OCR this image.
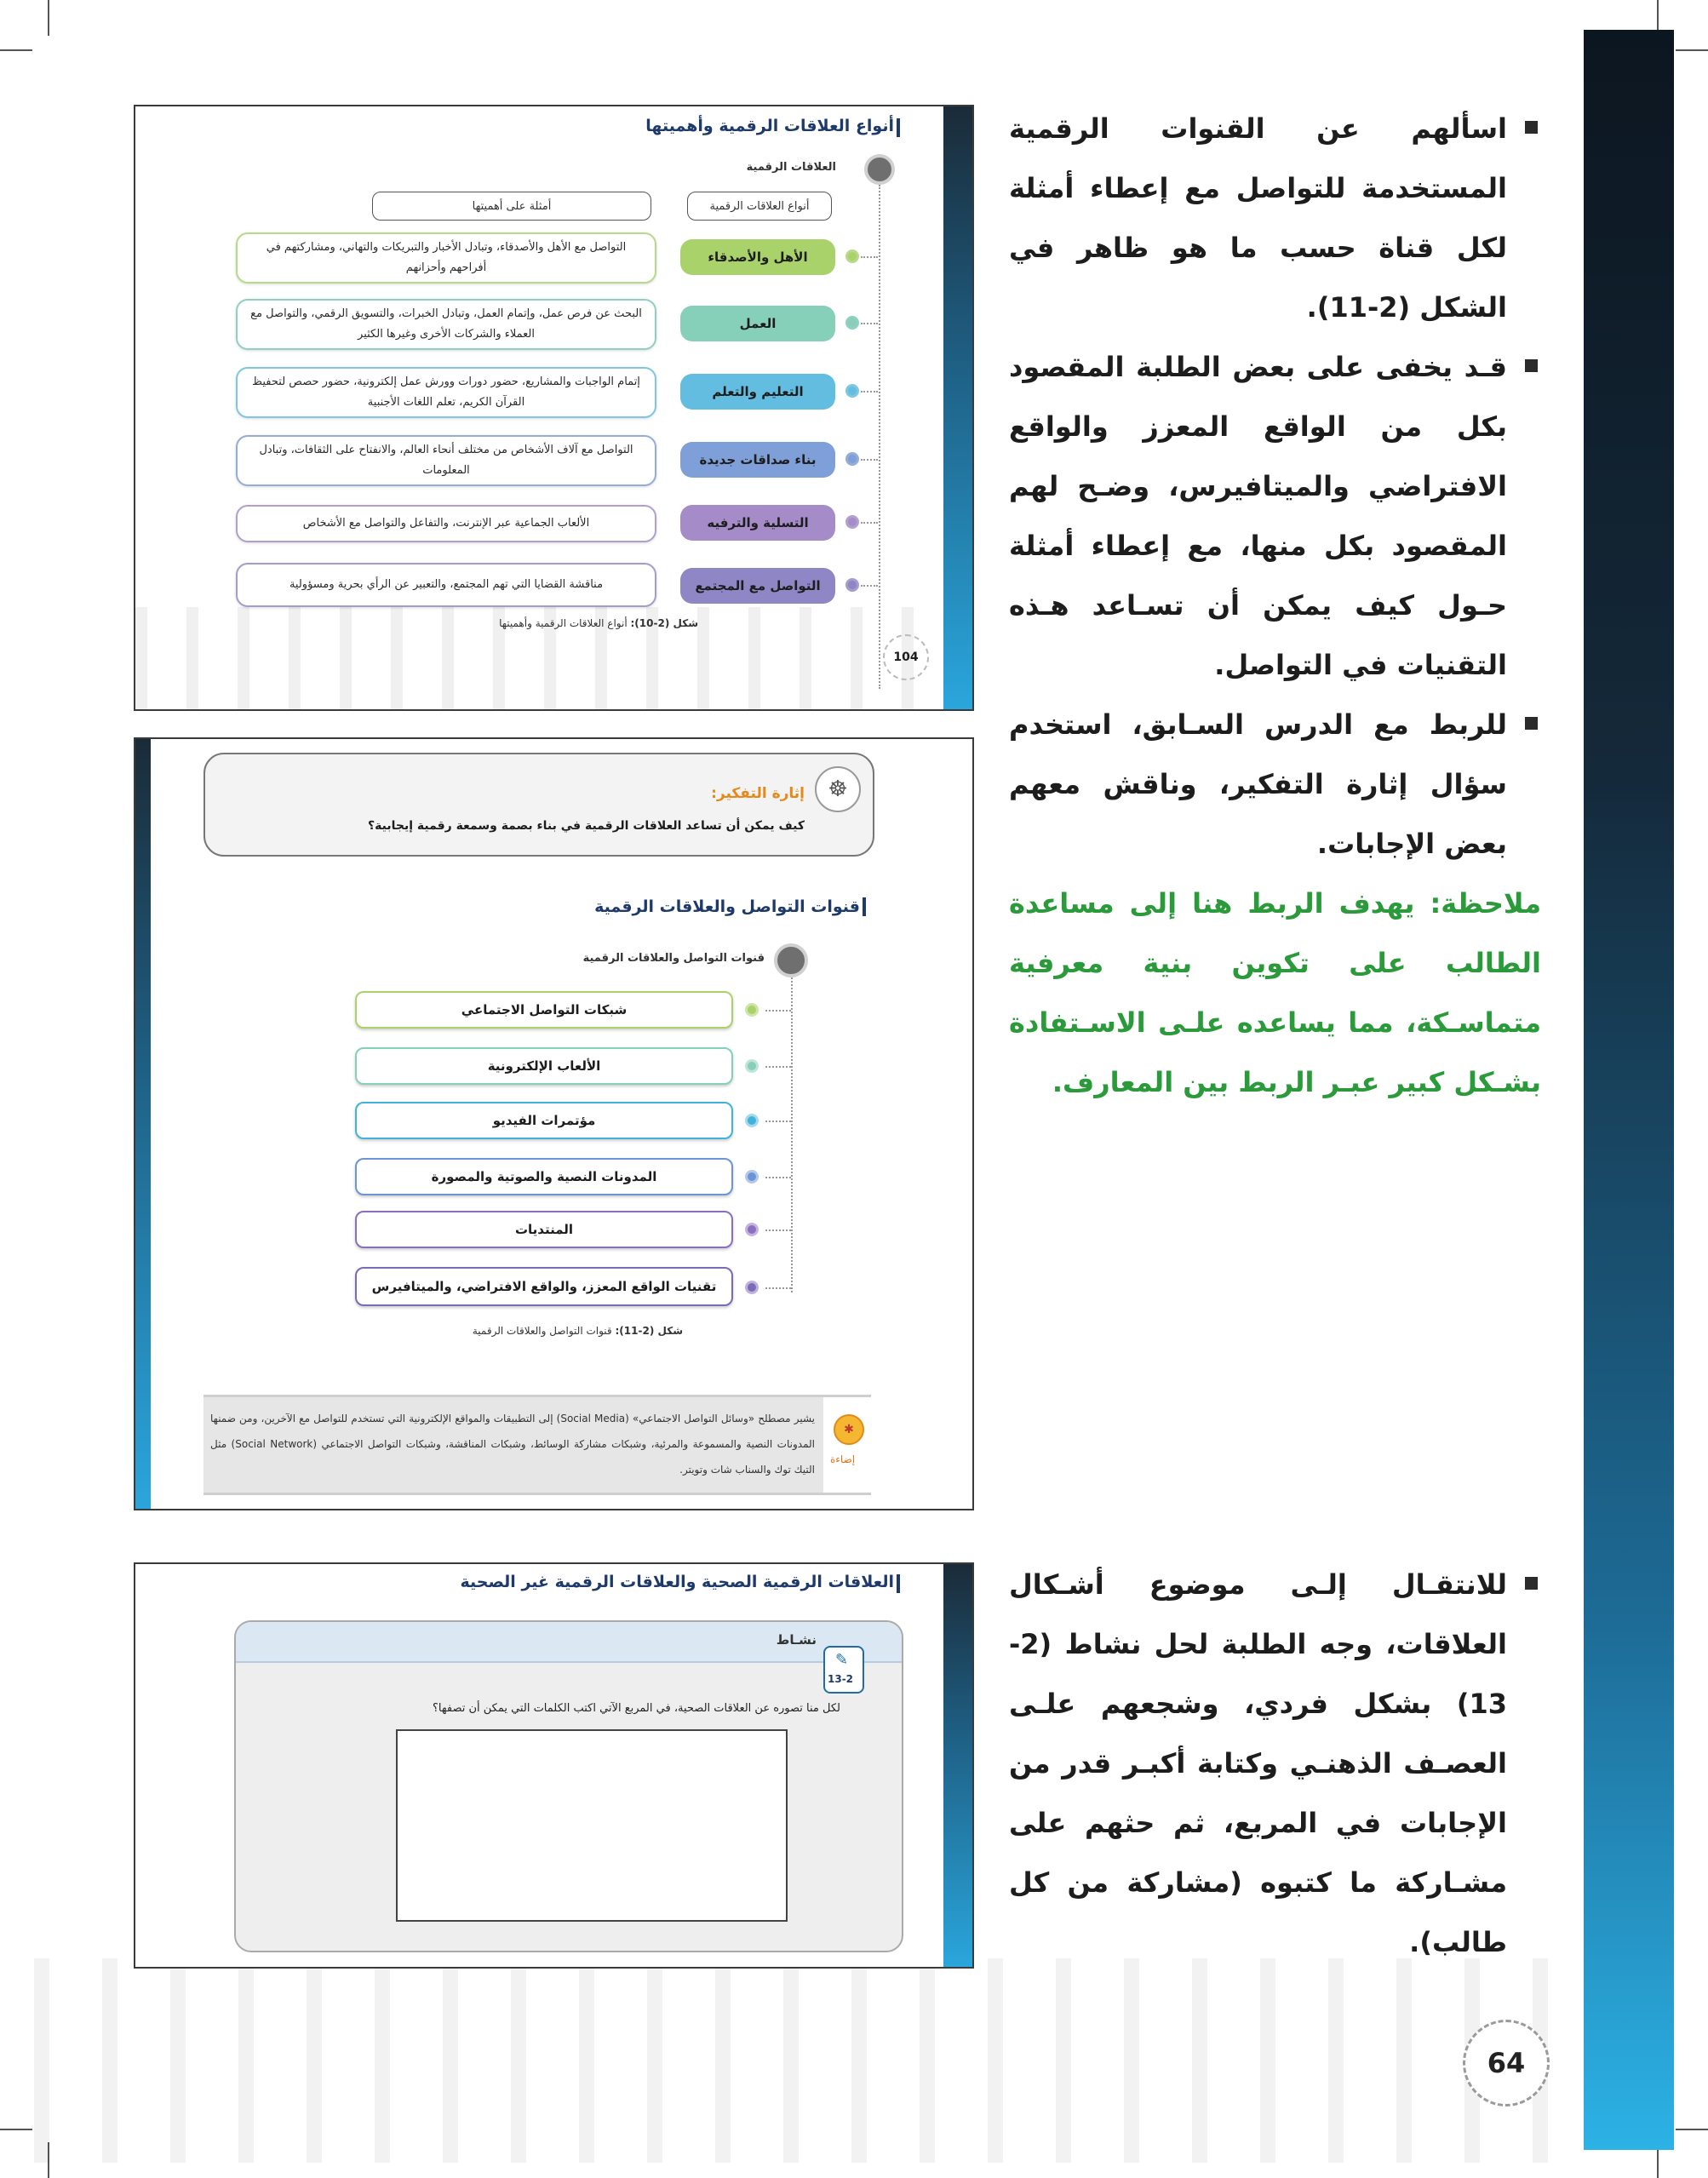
اسألهم عن القنوات الرقمية المستخدمة للتواصل مع إعطاء أمثلة لكل قناة حسب ما هو ظاهر في الشكل (2-11).
قـد يخفى على بعض الطلبة المقصود بكل من الواقع المعزز والواقع الافتراضي والميتافيرس، وضـح لهم المقصود بكل منها، مع إعطاء أمثلة حـول كيف يمكن أن تسـاعد هـذه التقنيات في التواصل.
للربط مع الدرس السـابق، استخدم سؤال إثارة التفكير، وناقش معهم بعض الإجابات.
ملاحظة: يهدف الربط هنا إلى مساعدة الطالب على تكوين بنية معرفية متماسـكة، مما يساعده علـى الاسـتفادة بشـكل كبير عبـر الربط بين المعارف.
للانتقـال إلـى موضوع أشـكال العلاقات، وجه الطلبة لحل نشاط (2-13) بشكل فردي، وشجعهم علـى العصـف الذهنـي وكتابة أكبـر قدر من الإجابات في المربع، ثم حثهم على مشـاركة ما كتبوه (مشاركة من كل طالب).
أنواع العلاقات الرقمية وأهميتها
العلاقات الرقمية
أنواع العلاقات الرقمية
أمثلة على أهميتها
الأهل والأصدقاء
التواصل مع الأهل والأصدقاء، وتبادل الأخبار والتبريكات والتهاني، ومشاركتهم في أفراحهم وأحزانهم
العمل
البحث عن فرص عمل، وإتمام العمل، وتبادل الخبرات، والتسويق الرقمي، والتواصل مع العملاء والشركات الأخرى وغيرها الكثير
التعليم والتعلم
إتمام الواجبات والمشاريع، حضور دورات وورش عمل إلكترونية، حضور حصص لتحفيظ القرآن الكريم، تعلم اللغات الأجنبية
بناء صداقات جديدة
التواصل مع آلاف الأشخاص من مختلف أنحاء العالم، والانفتاح على الثقافات، وتبادل المعلومات
التسلية والترفيه
الألعاب الجماعية عبر الإنترنت، والتفاعل والتواصل مع الأشخاص
التواصل مع المجتمع
مناقشة القضايا التي تهم المجتمع، والتعبير عن الرأي بحرية ومسؤولية
شكل (2-10): أنواع العلاقات الرقمية وأهميتها
104
☸
إثارة التفكير:
كيف يمكن أن تساعد العلاقات الرقمية في بناء بصمة وسمعة رقمية إيجابية؟
قنوات التواصل والعلاقات الرقمية
قنوات التواصل والعلاقات الرقمية
شبكات التواصل الاجتماعي
الألعاب الإلكترونية
مؤتمرات الفيديو
المدونات النصية والصوتية والمصورة
المنتديات
تقنيات الواقع المعزز، والواقع الافتراضي، والميتافيرس
شكل (2-11): قنوات التواصل والعلاقات الرقمية
✱
إضاءة
يشير مصطلح «وسائل التواصل الاجتماعي» (Social Media) إلى التطبيقات والمواقع الإلكترونية التي تستخدم للتواصل مع الآخرين، ومن ضمنها المدونات النصية والمسموعة والمرئية، وشبكات مشاركة الوسائط، وشبكات المناقشة، وشبكات التواصل الاجتماعي (Social Network) مثل التيك توك والسناب شات وتويتر.
العلاقات الرقمية الصحية والعلاقات الرقمية غير الصحية
نشـاط
✎
13-2
لكل منا تصوره عن العلاقات الصحية، في المربع الآتي اكتب الكلمات التي يمكن أن تصفها؟
64
